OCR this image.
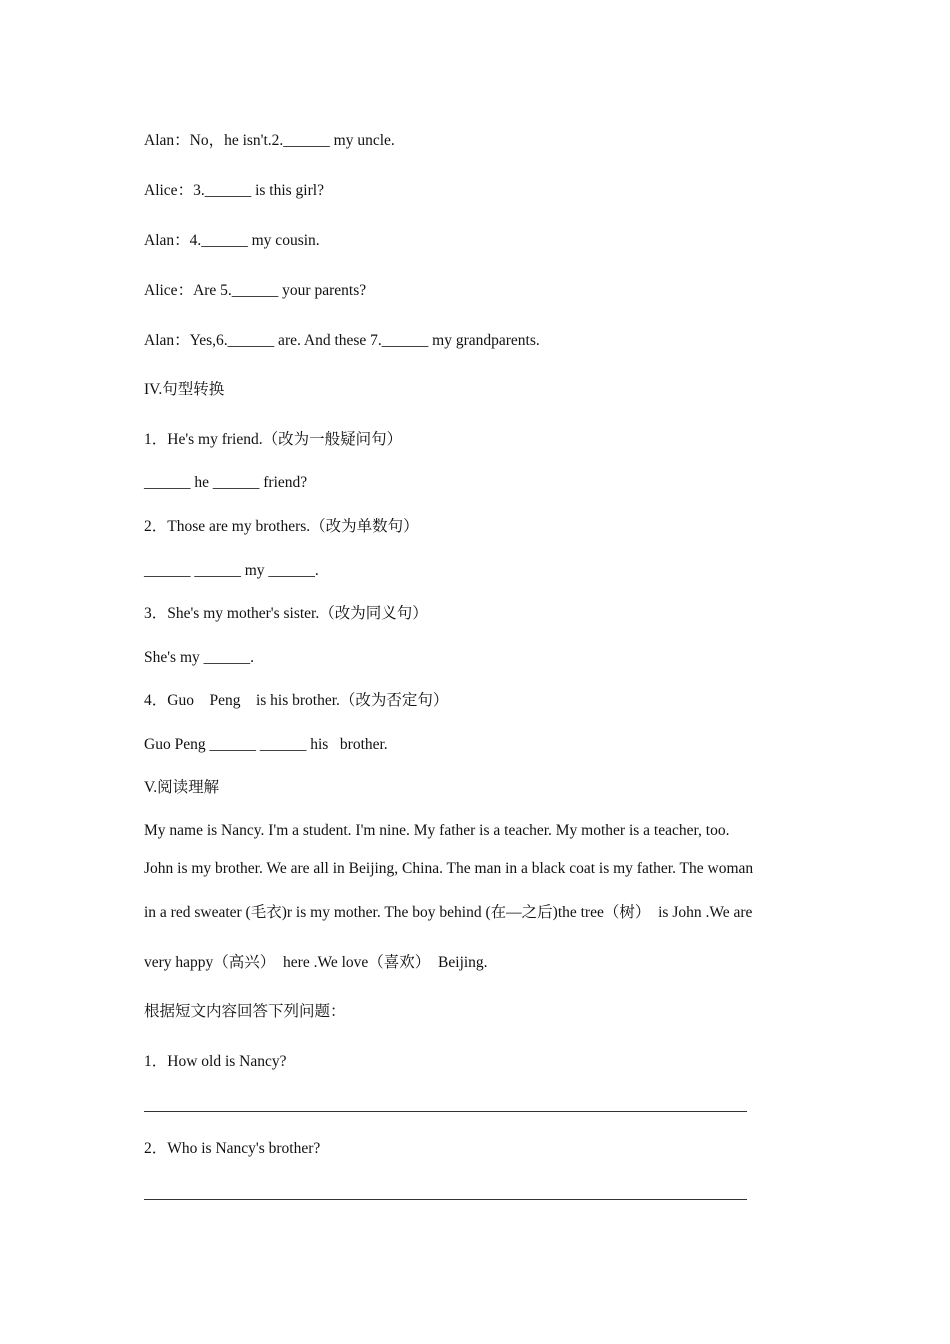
Alan：No，he isn't.2.______ my uncle.
Alice：3.______ is this girl?
Alan：4.______ my cousin.
Alice：Are 5.______ your parents?
Alan：Yes,6.______ are. And these 7.______ my grandparents.
IV.句型转换
1．He's my friend.（改为一般疑问句）
______ he ______ friend?
2．Those are my brothers.（改为单数句）
______ ______ my ______.
3．She's my mother's sister.（改为同义句）
She's my ______.
4．Guo    Peng    is his brother.（改为否定句）
Guo Peng ______ ______ his   brother.
V.阅读理解
My name is Nancy. I'm a student. I'm nine. My father is a teacher. My mother is a teacher, too.
John is my brother. We are all in Beijing, China. The man in a black coat is my father. The woman
in a red sweater (毛衣)r is my mother. The boy behind (在—之后)the tree（树）  is John .We are
very happy（高兴）  here .We love（喜欢）  Beijing.
根据短文内容回答下列问题：
1．How old is Nancy?
2．Who is Nancy's brother?
